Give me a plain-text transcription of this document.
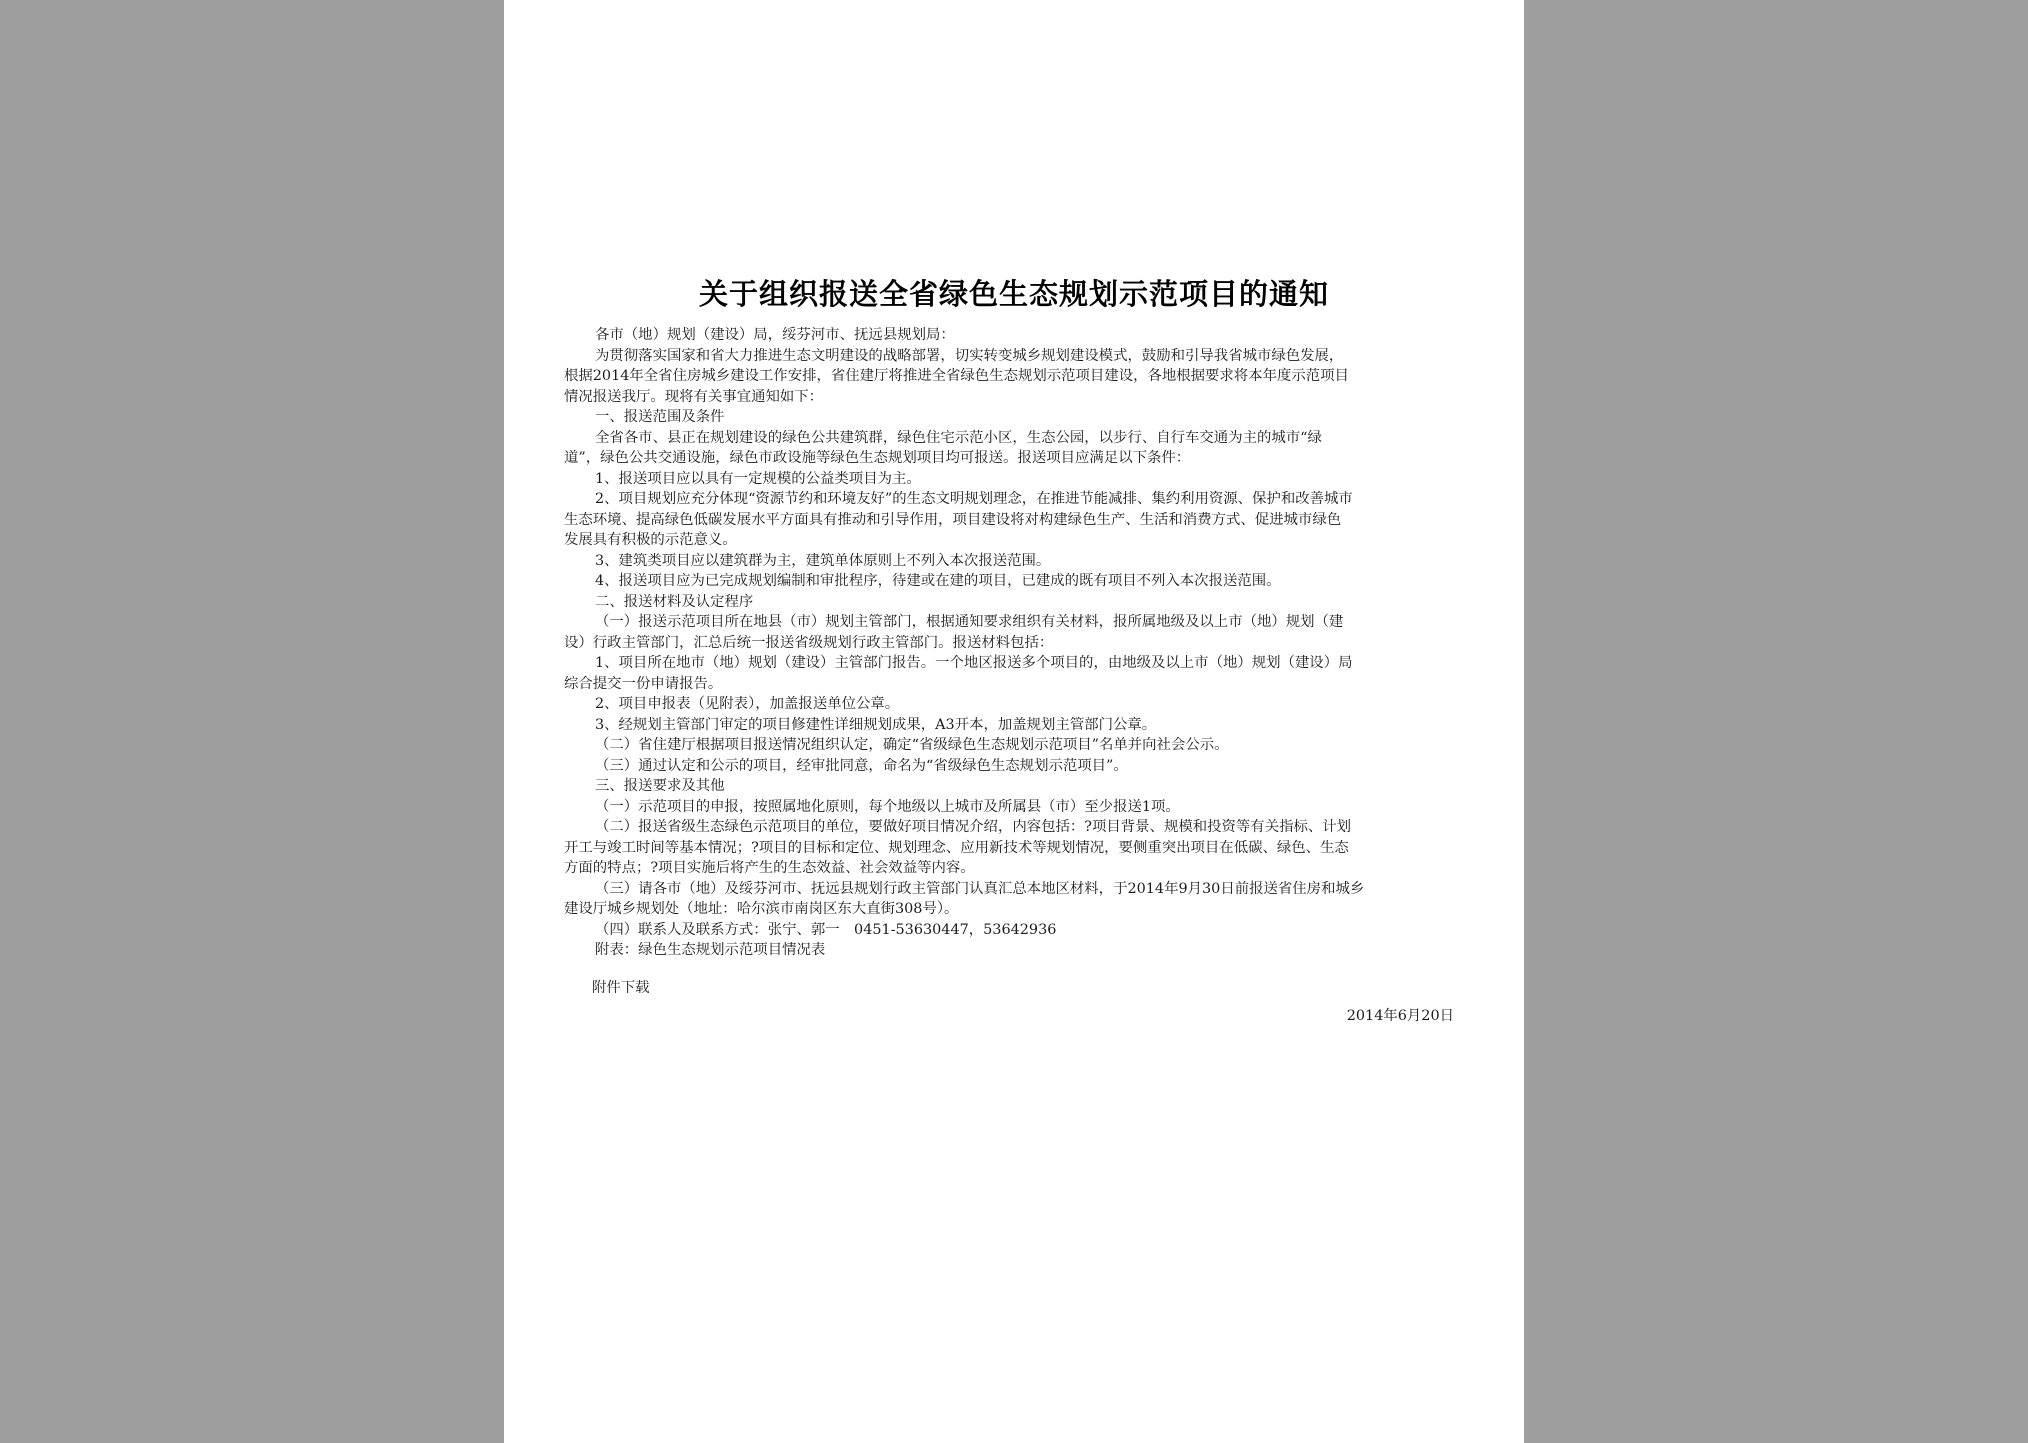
关于组织报送全省绿色生态规划示范项目的通知
各市（地）规划（建设）局，绥芬河市、抚远县规划局：
为贯彻落实国家和省大力推进生态文明建设的战略部署，切实转变城乡规划建设模式，鼓励和引导我省城市绿色发展，
根据2014年全省住房城乡建设工作安排，省住建厅将推进全省绿色生态规划示范项目建设，各地根据要求将本年度示范项目
情况报送我厅。现将有关事宜通知如下：
一、报送范围及条件
全省各市、县正在规划建设的绿色公共建筑群，绿色住宅示范小区，生态公园，以步行、自行车交通为主的城市“绿
道”，绿色公共交通设施，绿色市政设施等绿色生态规划项目均可报送。报送项目应满足以下条件：
1、报送项目应以具有一定规模的公益类项目为主。
2、项目规划应充分体现“资源节约和环境友好”的生态文明规划理念，在推进节能减排、集约利用资源、保护和改善城市
生态环境、提高绿色低碳发展水平方面具有推动和引导作用，项目建设将对构建绿色生产、生活和消费方式、促进城市绿色
发展具有积极的示范意义。
3、建筑类项目应以建筑群为主，建筑单体原则上不列入本次报送范围。
4、报送项目应为已完成规划编制和审批程序，待建或在建的项目，已建成的既有项目不列入本次报送范围。
二、报送材料及认定程序
（一）报送示范项目所在地县（市）规划主管部门，根据通知要求组织有关材料，报所属地级及以上市（地）规划（建
设）行政主管部门，汇总后统一报送省级规划行政主管部门。报送材料包括：
1、项目所在地市（地）规划（建设）主管部门报告。一个地区报送多个项目的，由地级及以上市（地）规划（建设）局
综合提交一份申请报告。
2、项目申报表（见附表），加盖报送单位公章。
3、经规划主管部门审定的项目修建性详细规划成果，A3开本，加盖规划主管部门公章。
（二）省住建厅根据项目报送情况组织认定，确定“省级绿色生态规划示范项目”名单并向社会公示。
（三）通过认定和公示的项目，经审批同意，命名为“省级绿色生态规划示范项目”。
三、报送要求及其他
（一）示范项目的申报，按照属地化原则，每个地级以上城市及所属县（市）至少报送1项。
（二）报送省级生态绿色示范项目的单位，要做好项目情况介绍，内容包括：?项目背景、规模和投资等有关指标、计划
开工与竣工时间等基本情况；?项目的目标和定位、规划理念、应用新技术等规划情况，要侧重突出项目在低碳、绿色、生态
方面的特点；?项目实施后将产生的生态效益、社会效益等内容。
（三）请各市（地）及绥芬河市、抚远县规划行政主管部门认真汇总本地区材料，于2014年9月30日前报送省住房和城乡
建设厅城乡规划处（地址：哈尔滨市南岗区东大直街308号）。
（四）联系人及联系方式：张宁、郭一　0451-53630447，53642936
附表：绿色生态规划示范项目情况表
附件下载
2014年6月20日
